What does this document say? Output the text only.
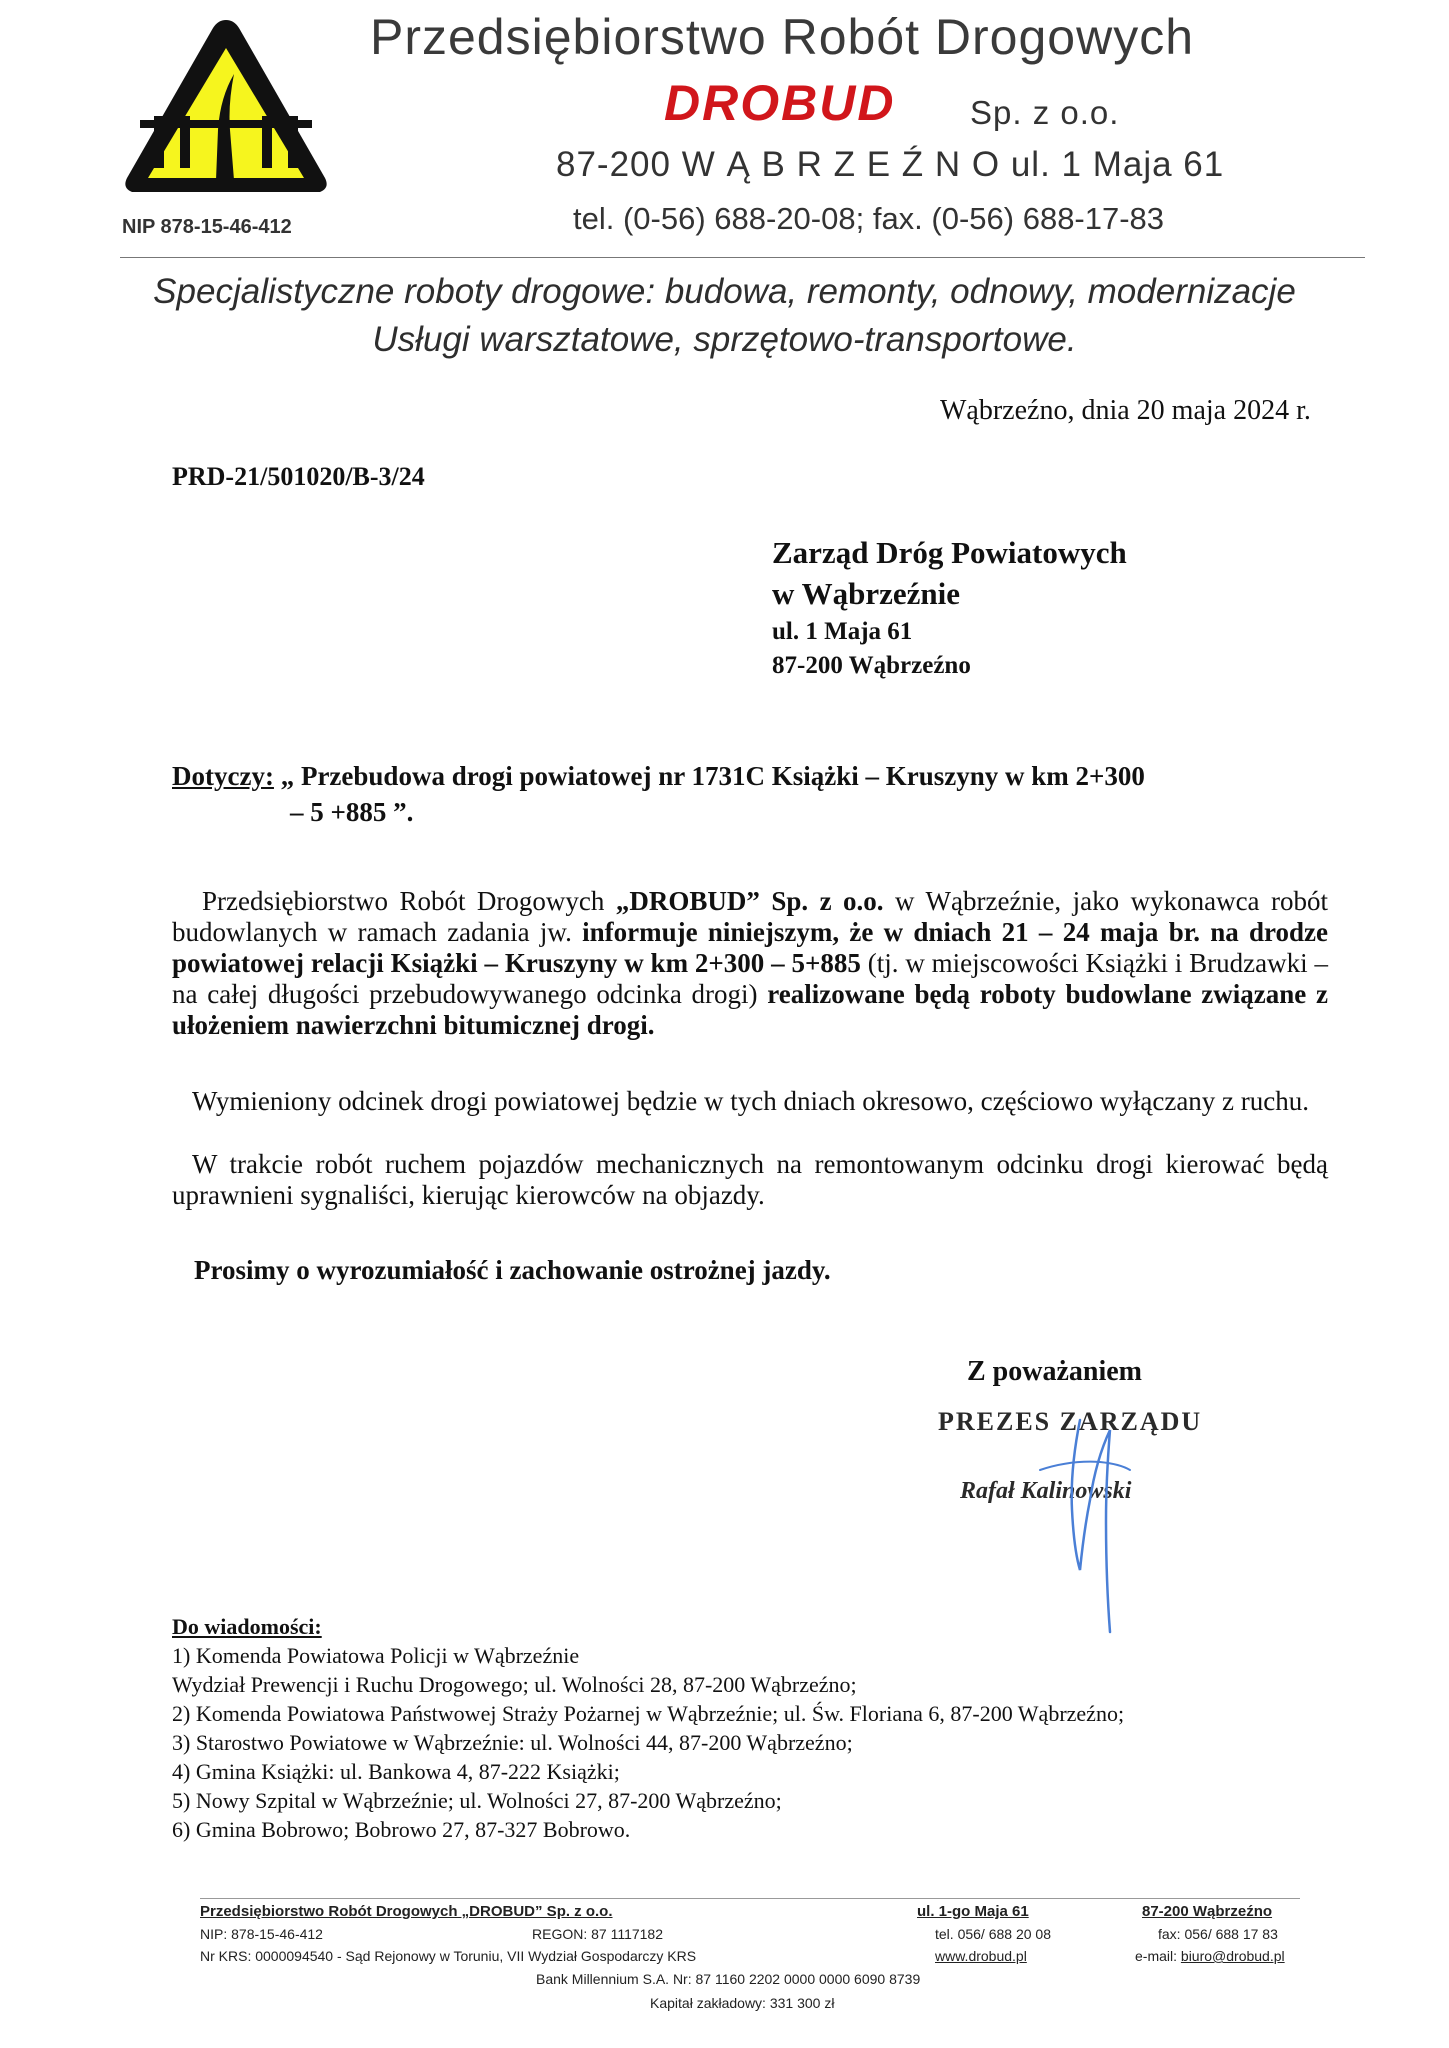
Przedsiębiorstwo Robót Drogowych
DROBUD Sp. z o.o.
87-200 W Ą B R Z E Ź N O ul. 1 Maja 61
tel. (0-56) 688-20-08; fax. (0-56) 688-17-83
NIP 878-15-46-412
Specjalistyczne roboty drogowe: budowa, remonty, odnowy, modernizacje
Usługi warsztatowe, sprzętowo-transportowe.
Wąbrzeźno, dnia 20 maja 2024 r.
PRD-21/501020/B-3/24
Zarząd Dróg Powiatowych
w Wąbrzeźnie
ul. 1 Maja 61
87-200 Wąbrzeźno
Dotyczy: „ Przebudowa drogi powiatowej nr 1731C Książki – Kruszyny w km 2+300
– 5 +885 ”.
Przedsiębiorstwo Robót Drogowych „DROBUD” Sp. z o.o. w Wąbrzeźnie, jako wykonawca robót budowlanych w ramach zadania jw. informuje niniejszym, że w dniach 21 – 24 maja br. na drodze powiatowej relacji Książki – Kruszyny w km 2+300 – 5+885 (tj. w miejscowości Książki i Brudzawki – na całej długości przebudowywanego odcinka drogi) realizowane będą roboty budowlane związane z ułożeniem nawierzchni bitumicznej drogi.
Wymieniony odcinek drogi powiatowej będzie w tych dniach okresowo, częściowo wyłączany z ruchu.
W trakcie robót ruchem pojazdów mechanicznych na remontowanym odcinku drogi kierować będą uprawnieni sygnaliści, kierując kierowców na objazdy.
Prosimy o wyrozumiałość i zachowanie ostrożnej jazdy.
Z poważaniem
PREZES ZARZĄDU
Rafał Kalinowski
Do wiadomości:
1) Komenda Powiatowa Policji w Wąbrzeźnie
Wydział Prewencji i Ruchu Drogowego; ul. Wolności 28, 87-200 Wąbrzeźno;
2) Komenda Powiatowa Państwowej Straży Pożarnej w Wąbrzeźnie; ul. Św. Floriana 6, 87-200 Wąbrzeźno;
3) Starostwo Powiatowe w Wąbrzeźnie: ul. Wolności 44, 87-200 Wąbrzeźno;
4) Gmina Książki: ul. Bankowa 4, 87-222 Książki;
5) Nowy Szpital w Wąbrzeźnie; ul. Wolności 27, 87-200 Wąbrzeźno;
6) Gmina Bobrowo; Bobrowo 27, 87-327 Bobrowo.
Przedsiębiorstwo Robót Drogowych „DROBUD” Sp. z o.o.	ul. 1-go Maja 61	87-200 Wąbrzeźno
NIP: 878-15-46-412	REGON: 87 1117182	tel. 056/ 688 20 08	fax: 056/ 688 17 83
Nr KRS: 0000094540 - Sąd Rejonowy w Toruniu, VII Wydział Gospodarczy KRS	www.drobud.pl	e-mail: biuro@drobud.pl
Bank Millennium S.A. Nr: 87 1160 2202 0000 0000 6090 8739
Kapitał zakładowy: 331 300 zł
